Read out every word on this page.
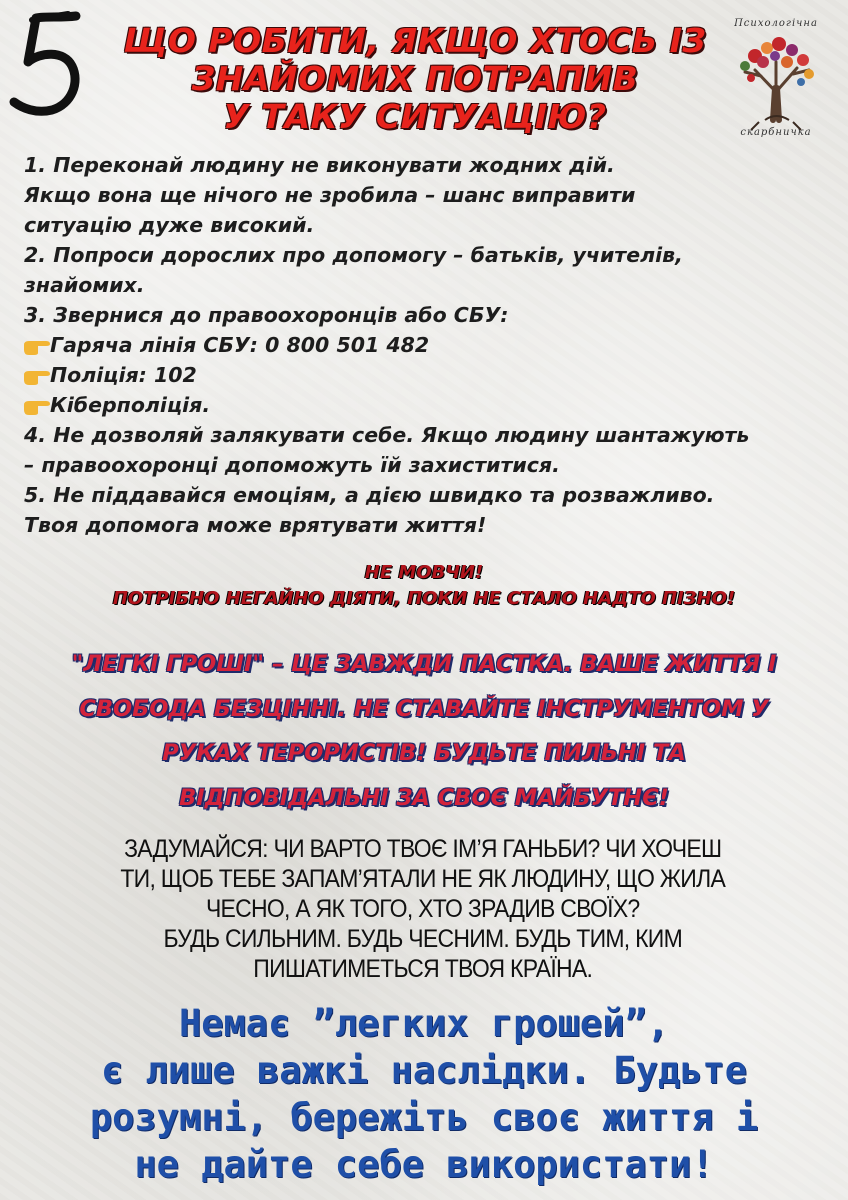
ЩО РОБИТИ, ЯКЩО ХТОСЬ ІЗ
ЗНАЙОМИХ ПОТРАПИВ
У ТАКУ СИТУАЦІЮ?
Психологічна
скарбничка
1. Переконай людину не виконувати жодних дій.
Якщо вона ще нічого не зробила – шанс виправити
ситуацію дуже високий.
2. Попроси дорослих про допомогу – батьків, учителів,
знайомих.
3. Звернися до правоохоронців або СБУ:
Гаряча лінія СБУ: 0 800 501 482
Поліція: 102
Кіберполіція.
4. Не дозволяй залякувати себе. Якщо людину шантажують
– правоохоронці допоможуть їй захиститися.
5. Не піддавайся емоціям, а дією швидко та розважливо.
Твоя допомога може врятувати життя!
НЕ МОВЧИ!
ПОТРІБНО НЕГАЙНО ДІЯТИ, ПОКИ НЕ СТАЛО НАДТО ПІЗНО!
"ЛЕГКІ ГРОШІ" – ЦЕ ЗАВЖДИ ПАСТКА. ВАШЕ ЖИТТЯ І
СВОБОДА БЕЗЦІННІ. НЕ СТАВАЙТЕ ІНСТРУМЕНТОМ У
РУКАХ ТЕРОРИСТІВ! БУДЬТЕ ПИЛЬНІ ТА
ВІДПОВІДАЛЬНІ ЗА СВОЄ МАЙБУТНЄ!
ЗАДУМАЙСЯ: ЧИ ВАРТО ТВОЄ ІМ’Я ГАНЬБИ? ЧИ ХОЧЕШ
ТИ, ЩОБ ТЕБЕ ЗАПАМ’ЯТАЛИ НЕ ЯК ЛЮДИНУ, ЩО ЖИЛА
ЧЕСНО, А ЯК ТОГО, ХТО ЗРАДИВ СВОЇХ?
БУДЬ СИЛЬНИМ. БУДЬ ЧЕСНИМ. БУДЬ ТИМ, КИМ
ПИШАТИМЕТЬСЯ ТВОЯ КРАЇНА.
Немає ”легких грошей”,
є лише важкі наслідки. Будьте
розумні, бережіть своє життя і
не дайте себе використати!
